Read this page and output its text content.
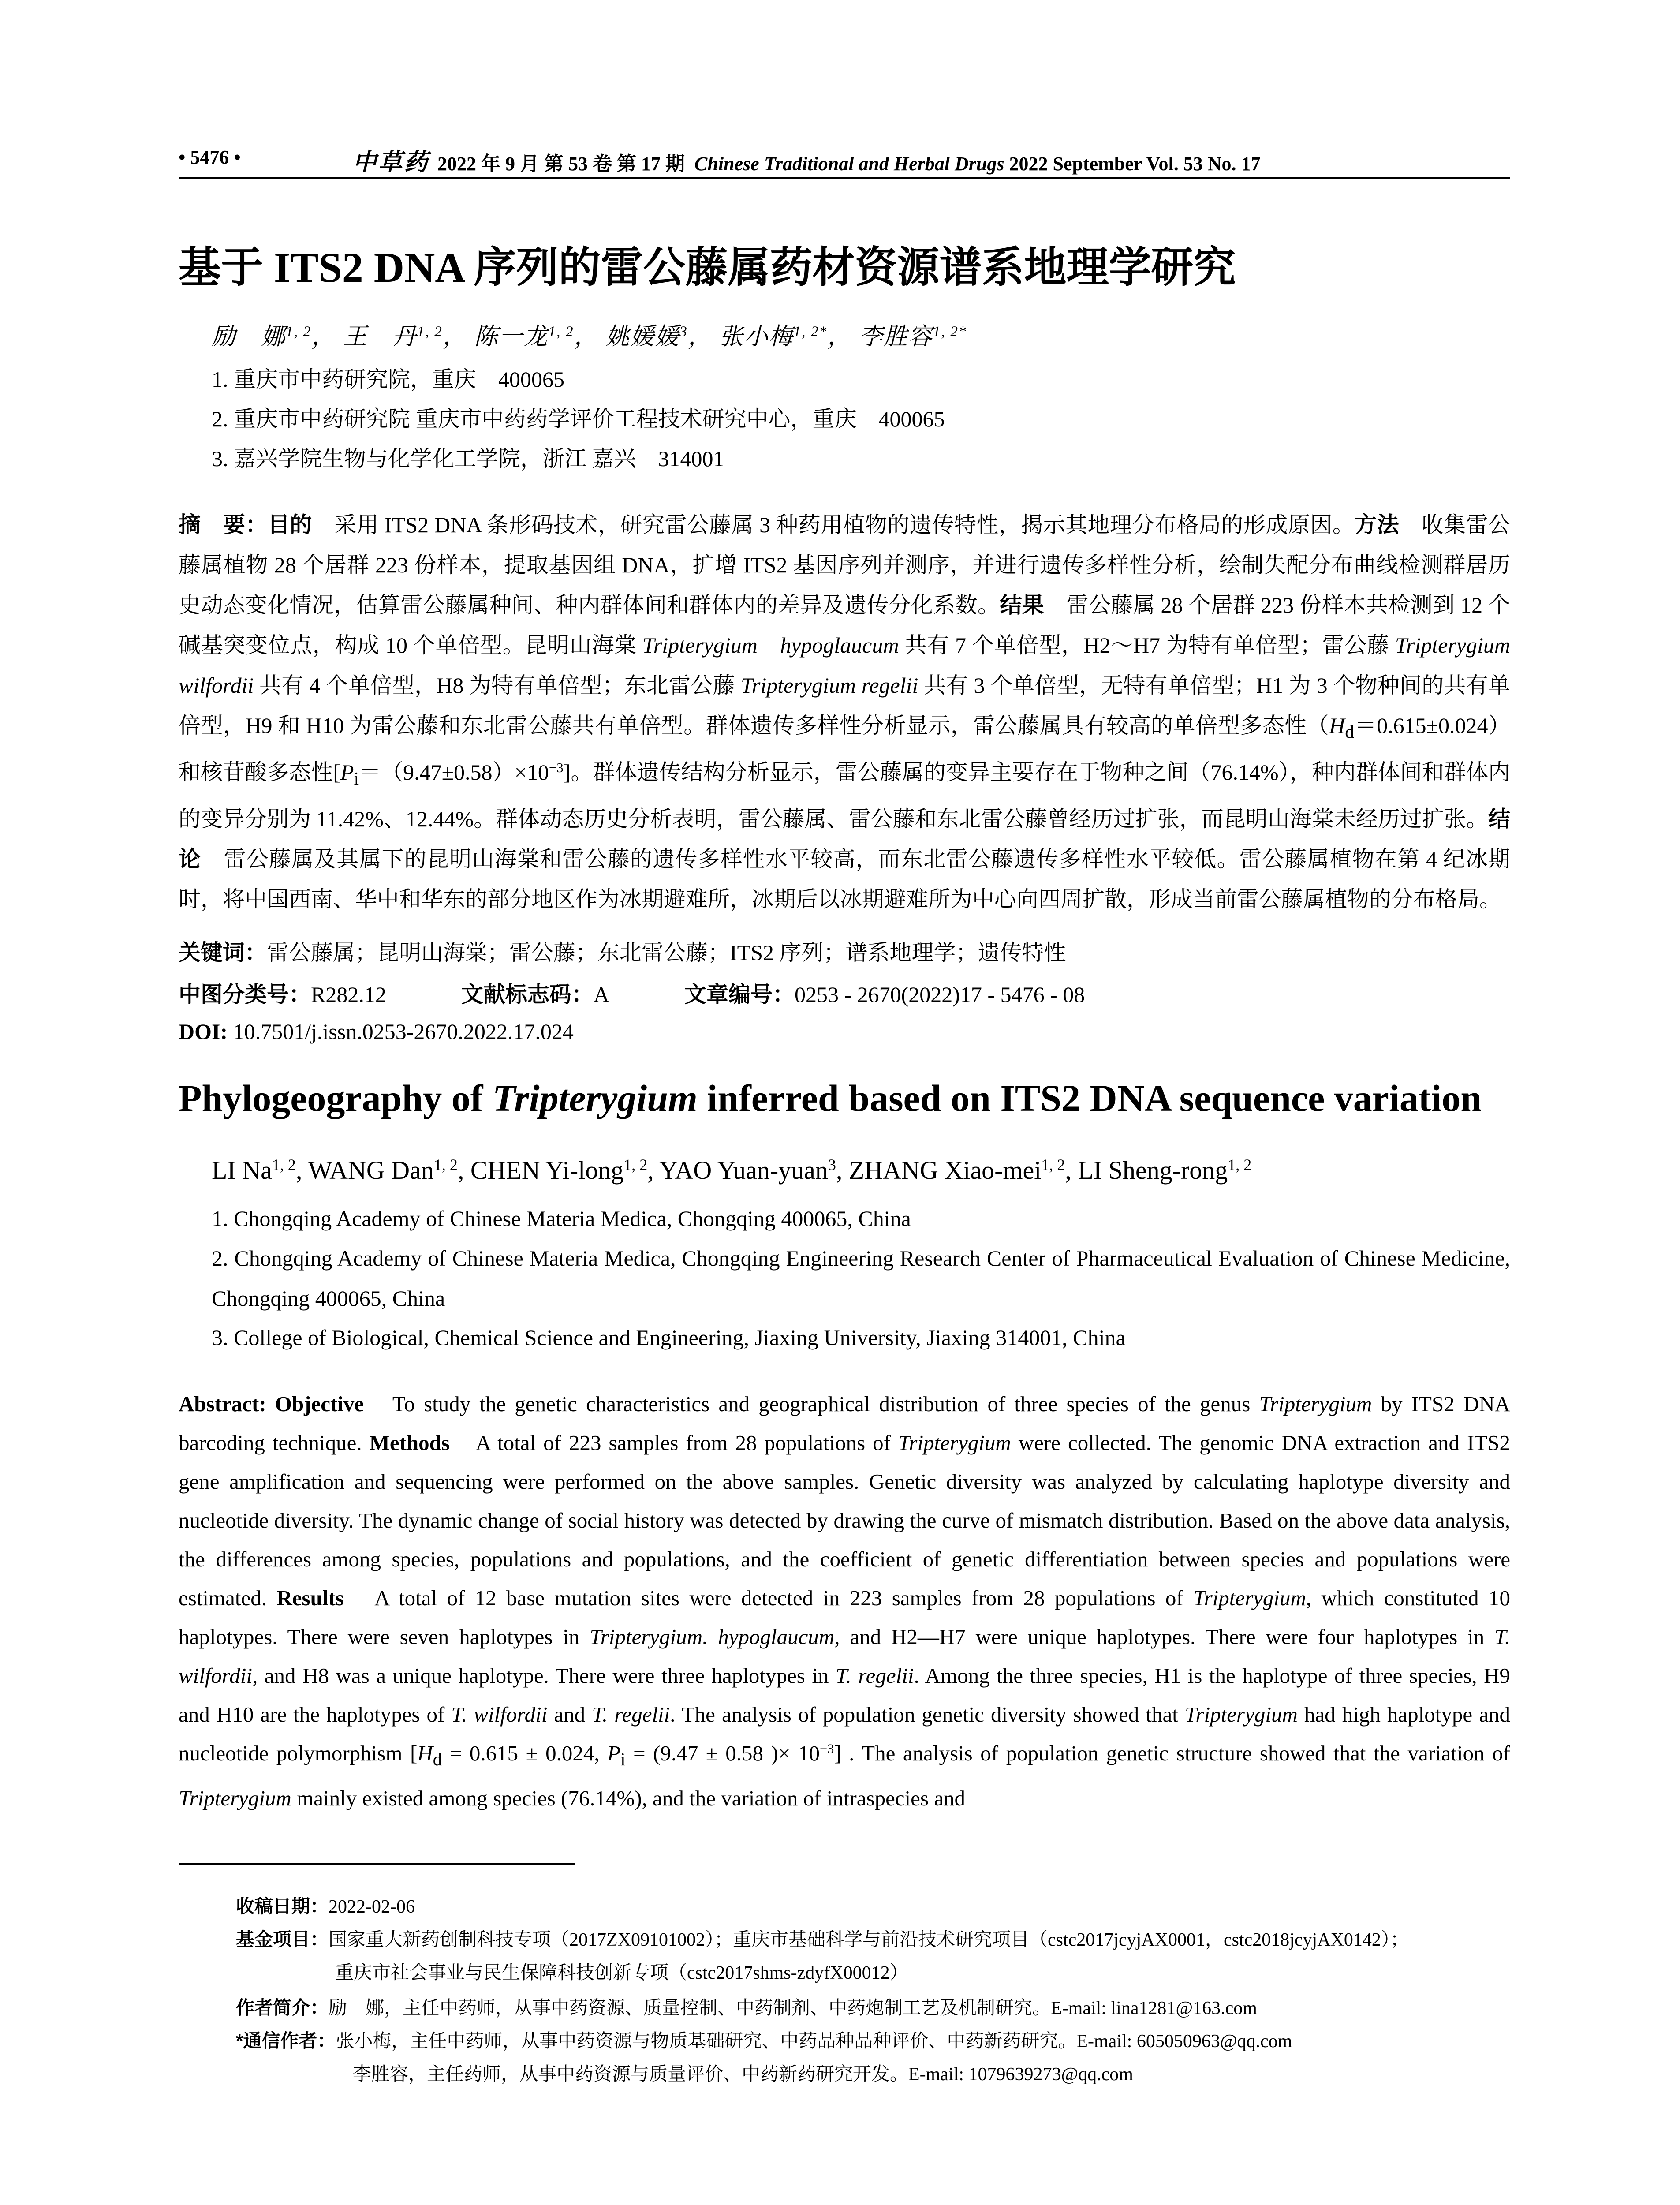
• 5476 •	中草药 2022 年 9 月 第 53 卷 第 17 期 Chinese Traditional and Herbal Drugs 2022 September Vol. 53 No. 17
基于 ITS2 DNA 序列的雷公藤属药材资源谱系地理学研究
励　娜$^{1, 2}$， 王　丹$^{1, 2}$， 陈一龙$^{1, 2}$， 姚媛媛$^3$， 张小梅$^{1, 2*}$， 李胜容$^{1, 2*}$
1. 重庆市中药研究院，重庆　400065
2. 重庆市中药研究院 重庆市中药药学评价工程技术研究中心，重庆　400065
3. 嘉兴学院生物与化学化工学院，浙江 嘉兴　314001
摘　要：目的　采用 ITS2 DNA 条形码技术，研究雷公藤属 3 种药用植物的遗传特性，揭示其地理分布格局的形成原因。方法　收集雷公藤属植物 28 个居群 223 份样本，提取基因组 DNA，扩增 ITS2 基因序列并测序，并进行遗传多样性分析，绘制失配分布曲线检测群居历史动态变化情况，估算雷公藤属种间、种内群体间和群体内的差异及遗传分化系数。结果　雷公藤属 28 个居群 223 份样本共检测到 12 个碱基突变位点，构成 10 个单倍型。昆明山海棠 Tripterygium　hypoglaucum 共有 7 个单倍型，H2～H7 为特有单倍型；雷公藤 Tripterygium wilfordii 共有 4 个单倍型，H8 为特有单倍型；东北雷公藤 Tripterygium regelii 共有 3 个单倍型，无特有单倍型；H1 为 3 个物种间的共有单倍型，H9 和 H10 为雷公藤和东北雷公藤共有单倍型。群体遗传多样性分析显示，雷公藤属具有较高的单倍型多态性$(H_d=0.615\pm 0.024)$和核苷酸多态性$[P_i=(9.47\pm 0.58)\times 10^{-3}]$。群体遗传结构分析显示，雷公藤属的变异主要存在于物种之间（76.14%），种内群体间和群体内的变异分别为 11.42%、12.44%。群体动态历史分析表明，雷公藤属、雷公藤和东北雷公藤曾经历过扩张，而昆明山海棠未经历过扩张。结论　雷公藤属及其属下的昆明山海棠和雷公藤的遗传多样性水平较高，而东北雷公藤遗传多样性水平较低。雷公藤属植物在第 4 纪冰期时，将中国西南、华中和华东的部分地区作为冰期避难所，冰期后以冰期避难所为中心向四周扩散，形成当前雷公藤属植物的分布格局。
关键词：雷公藤属；昆明山海棠；雷公藤；东北雷公藤；ITS2 序列；谱系地理学；遗传特性
中图分类号：R282.12	文献标志码：A	文章编号：0253 - 2670(2022)17 - 5476 - 08
DOI: 10.7501/j.issn.0253-2670.2022.17.024
Phylogeography of Tripterygium inferred based on ITS2 DNA sequence variation
LI Na$^{1, 2}$, WANG Dan$^{1, 2}$, CHEN Yi-long$^{1, 2}$, YAO Yuan-yuan$^3$, ZHANG Xiao-mei$^{1, 2}$, LI Sheng-rong$^{1, 2}$
1. Chongqing Academy of Chinese Materia Medica, Chongqing 400065, China
2. Chongqing Academy of Chinese Materia Medica, Chongqing Engineering Research Center of Pharmaceutical Evaluation of Chinese Medicine, Chongqing 400065, China
3. College of Biological, Chemical Science and Engineering, Jiaxing University, Jiaxing 314001, China
Abstract: Objective　To study the genetic characteristics and geographical distribution of three species of the genus Tripterygium by ITS2 DNA barcoding technique. Methods　A total of 223 samples from 28 populations of Tripterygium were collected. The genomic DNA extraction and ITS2 gene amplification and sequencing were performed on the above samples. Genetic diversity was analyzed by calculating haplotype diversity and nucleotide diversity. The dynamic change of social history was detected by drawing the curve of mismatch distribution. Based on the above data analysis, the differences among species, populations and populations, and the coefficient of genetic differentiation between species and populations were estimated. Results　A total of 12 base mutation sites were detected in 223 samples from 28 populations of Tripterygium, which constituted 10 haplotypes. There were seven haplotypes in Tripterygium. hypoglaucum, and H2—H7 were unique haplotypes. There were four haplotypes in T. wilfordii, and H8 was a unique haplotype. There were three haplotypes in T. regelii. Among the three species, H1 is the haplotype of three species, H9 and H10 are the haplotypes of T. wilfordii and T. regelii. The analysis of population genetic diversity showed that Tripterygium had high haplotype and nucleotide polymorphism [$H_d = 0.615 \pm 0.024$, $P_i = (9.47 \pm 0.58$ )× $10^{-3}$] . The analysis of population genetic structure showed that the variation of Tripterygium mainly existed among species (76.14%), and the variation of intraspecies and
收稿日期：2022-02-06
基金项目：国家重大新药创制科技专项（2017ZX09101002）；重庆市基础科学与前沿技术研究项目（cstc2017jcyjAX0001，cstc2018jcyjAX0142）；
重庆市社会事业与民生保障科技创新专项（cstc2017shms-zdyfX00012）
作者简介：励　娜，主任中药师，从事中药资源、质量控制、中药制剂、中药炮制工艺及机制研究。E-mail: lina1281@163.com
*通信作者：张小梅，主任中药师，从事中药资源与物质基础研究、中药品种品种评价、中药新药研究。E-mail: 605050963@qq.com
李胜容，主任药师，从事中药资源与质量评价、中药新药研究开发。E-mail: 1079639273@qq.com
